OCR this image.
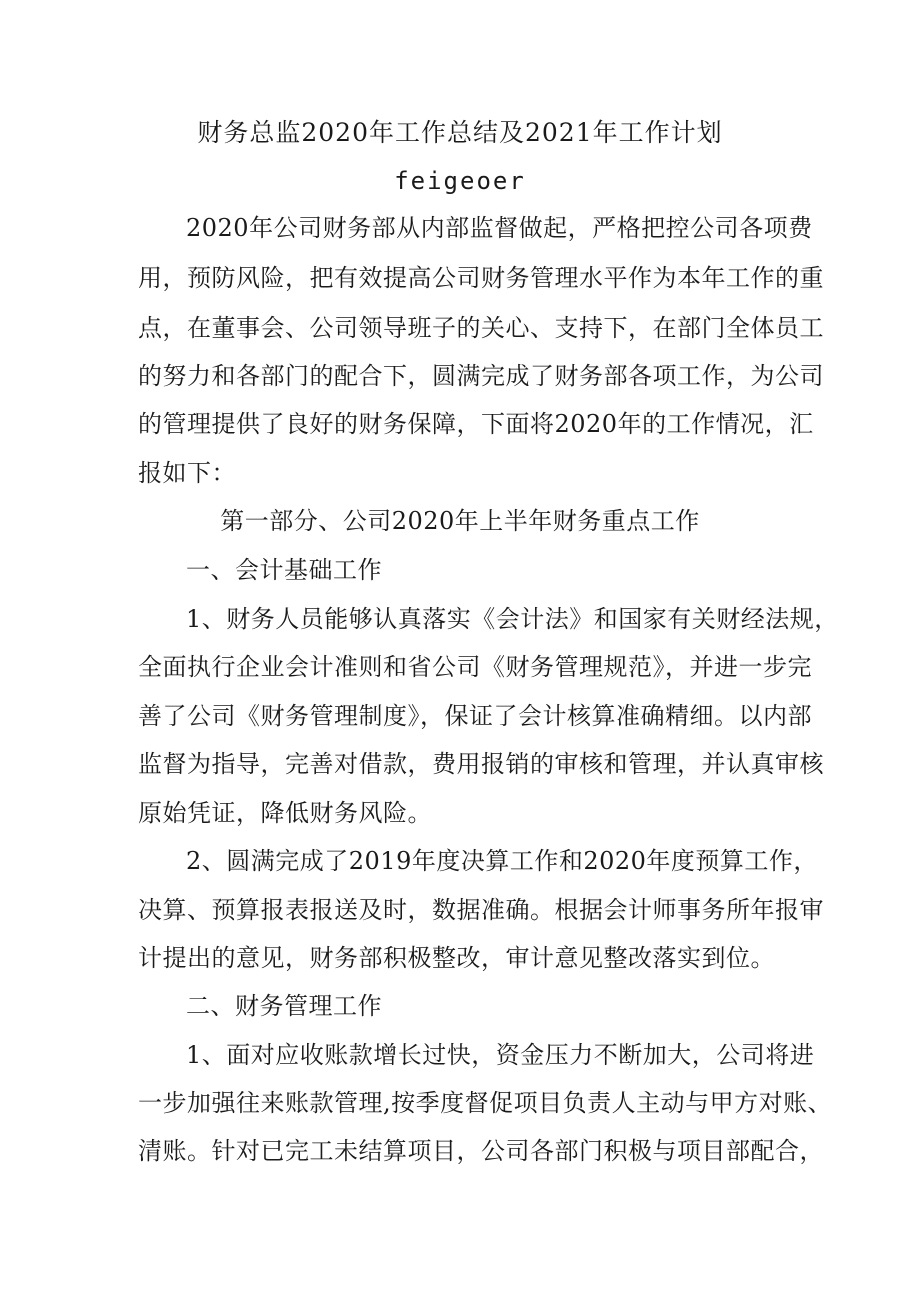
财务总监2020年工作总结及2021年工作计划
feigeoer
2020年公司财务部从内部监督做起，严格把控公司各项费
用，预防风险，把有效提高公司财务管理水平作为本年工作的重
点，在董事会、公司领导班子的关心、支持下，在部门全体员工
的努力和各部门的配合下，圆满完成了财务部各项工作，为公司
的管理提供了良好的财务保障，下面将2020年的工作情况，汇
报如下：
第一部分、公司2020年上半年财务重点工作
一、会计基础工作
1、财务人员能够认真落实《会计法》和国家有关财经法规，
全面执行企业会计准则和省公司《财务管理规范》，并进一步完
善了公司《财务管理制度》，保证了会计核算准确精细。以内部
监督为指导，完善对借款，费用报销的审核和管理，并认真审核
原始凭证，降低财务风险。
2、圆满完成了2019年度决算工作和2020年度预算工作，
决算、预算报表报送及时，数据准确。根据会计师事务所年报审
计提出的意见，财务部积极整改，审计意见整改落实到位。
二、财务管理工作
1、面对应收账款增长过快，资金压力不断加大，公司将进
一步加强往来账款管理,按季度督促项目负责人主动与甲方对账、
清账。针对已完工未结算项目，公司各部门积极与项目部配合，
